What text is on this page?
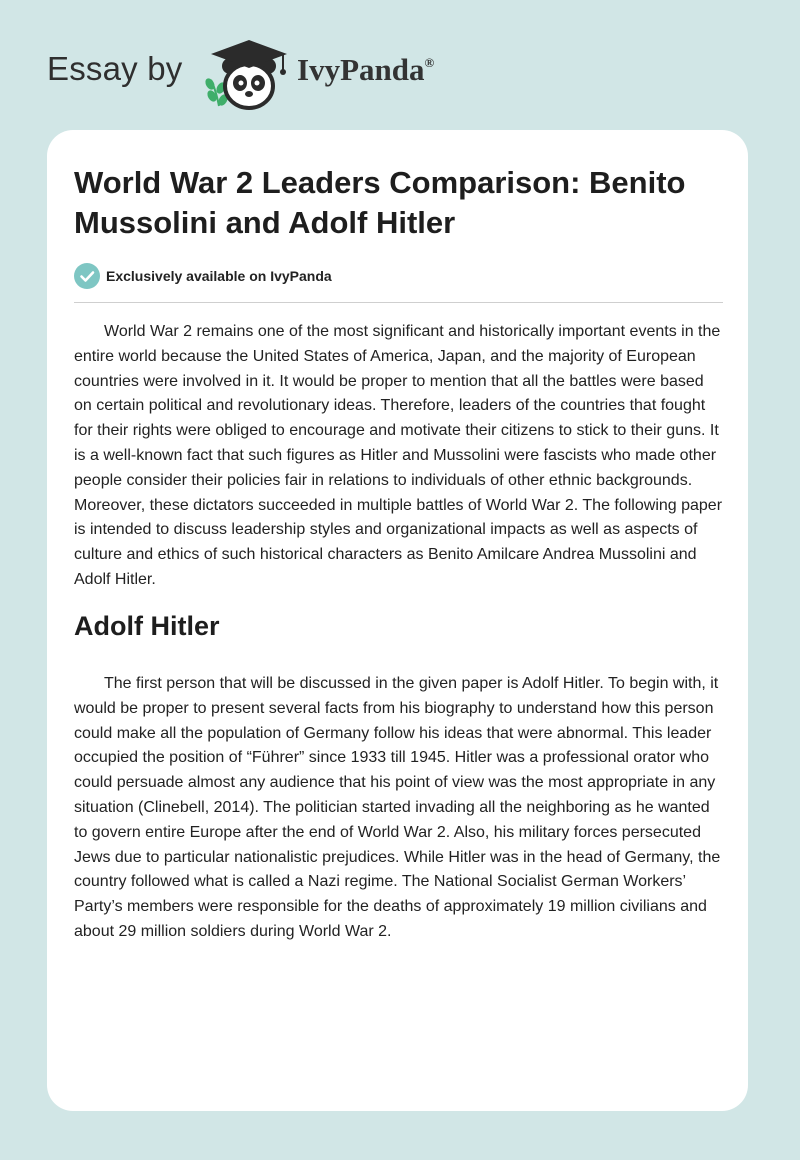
Essay by	IvyPanda®
World War 2 Leaders Comparison: Benito Mussolini and Adolf Hitler
Exclusively available on IvyPanda

World War 2 remains one of the most significant and historically important events in the entire world because the United States of America, Japan, and the majority of European countries were involved in it. It would be proper to mention that all the battles were based on certain political and revolutionary ideas. Therefore, leaders of the countries that fought for their rights were obliged to encourage and motivate their citizens to stick to their guns. It is a well-known fact that such figures as Hitler and Mussolini were fascists who made other people consider their policies fair in relations to individuals of other ethnic backgrounds. Moreover, these dictators succeeded in multiple battles of World War 2. The following paper is intended to discuss leadership styles and organizational impacts as well as aspects of culture and ethics of such historical characters as Benito Amilcare Andrea Mussolini and Adolf Hitler.

Adolf Hitler

The first person that will be discussed in the given paper is Adolf Hitler. To begin with, it would be proper to present several facts from his biography to understand how this person could make all the population of Germany follow his ideas that were abnormal. This leader occupied the position of “Führer” since 1933 till 1945. Hitler was a professional orator who could persuade almost any audience that his point of view was the most appropriate in any situation (Clinebell, 2014). The politician started invading all the neighboring as he wanted to govern entire Europe after the end of World War 2. Also, his military forces persecuted Jews due to particular nationalistic prejudices. While Hitler was in the head of Germany, the country followed what is called a Nazi regime. The National Socialist German Workers’ Party’s members were responsible for the deaths of approximately 19 million civilians and about 29 million soldiers during World War 2.
